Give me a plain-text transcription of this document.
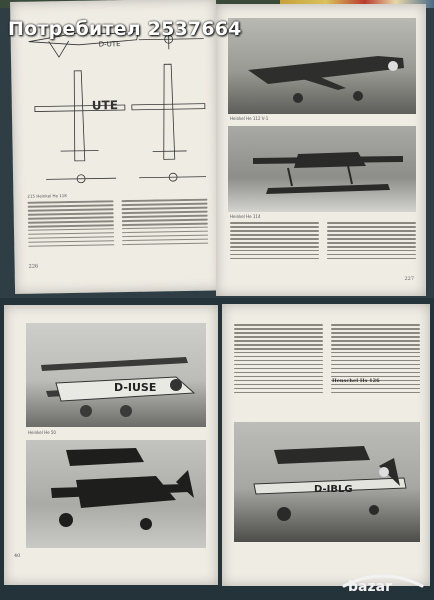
D-UTE
UTE
215 Heinkel He 118
226
Heinkel He 112 V-1
Heinkel He 114
227
D-IUSE
Heinkel He 50
40
Henschel Hs 126
D-IBLG
Потребител 2537664
bazar
